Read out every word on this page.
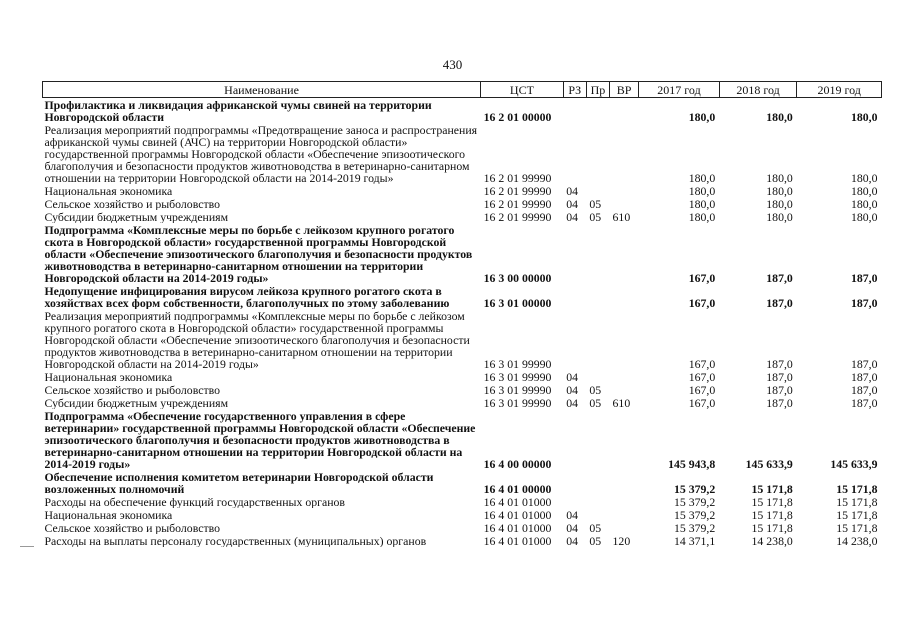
430
Наименование	ЦСТ	РЗ	Пр	ВР	2017 год	2018 год	2019 год
Профилактика и ликвидация африканской чумы свиней на территории Новгородской области	16 2 01 00000				180,0	180,0	180,0
Реализация мероприятий подпрограммы «Предотвращение заноса и распространения африканской чумы свиней (АЧС) на территории Новгородской области» государственной программы Новгородской области «Обеспечение эпизоотического благополучия и безопасности продуктов животноводства в ветеринарно-санитарном отношении на территории Новгородской области на 2014-2019 годы»	16 2 01 99990				180,0	180,0	180,0
Национальная экономика	16 2 01 99990	04			180,0	180,0	180,0
Сельское хозяйство и рыболовство	16 2 01 99990	04	05		180,0	180,0	180,0
Субсидии бюджетным учреждениям	16 2 01 99990	04	05	610	180,0	180,0	180,0
Подпрограмма «Комплексные меры по борьбе с лейкозом крупного рогатого скота в Новгородской области» государственной программы Новгородской области «Обеспечение эпизоотического благополучия и безопасности продуктов животноводства в ветеринарно-санитарном отношении на территории Новгородской области на 2014-2019 годы»	16 3 00 00000				167,0	187,0	187,0
Недопущение инфицирования вирусом лейкоза крупного рогатого скота в хозяйствах всех форм собственности, благополучных по этому заболеванию	16 3 01 00000				167,0	187,0	187,0
Реализация мероприятий подпрограммы «Комплексные меры по борьбе с лейкозом крупного рогатого скота в Новгородской области» государственной программы Новгородской области «Обеспечение эпизоотического благополучия и безопасности продуктов животноводства в ветеринарно-санитарном отношении на территории Новгородской области на 2014-2019 годы»	16 3 01 99990				167,0	187,0	187,0
Национальная экономика	16 3 01 99990	04			167,0	187,0	187,0
Сельское хозяйство и рыболовство	16 3 01 99990	04	05		167,0	187,0	187,0
Субсидии бюджетным учреждениям	16 3 01 99990	04	05	610	167,0	187,0	187,0
Подпрограмма «Обеспечение государственного управления в сфере ветеринарии» государственной программы Новгородской области «Обеспечение эпизоотического благополучия и безопасности продуктов животноводства в ветеринарно-санитарном отношении на территории Новгородской области на 2014-2019 годы»	16 4 00 00000				145 943,8	145 633,9	145 633,9
Обеспечение исполнения комитетом ветеринарии Новгородской области возложенных полномочий	16 4 01 00000				15 379,2	15 171,8	15 171,8
Расходы на обеспечение функций государственных органов	16 4 01 01000				15 379,2	15 171,8	15 171,8
Национальная экономика	16 4 01 01000	04			15 379,2	15 171,8	15 171,8
Сельское хозяйство и рыболовство	16 4 01 01000	04	05		15 379,2	15 171,8	15 171,8
Расходы на выплаты персоналу государственных (муниципальных) органов	16 4 01 01000	04	05	120	14 371,1	14 238,0	14 238,0
